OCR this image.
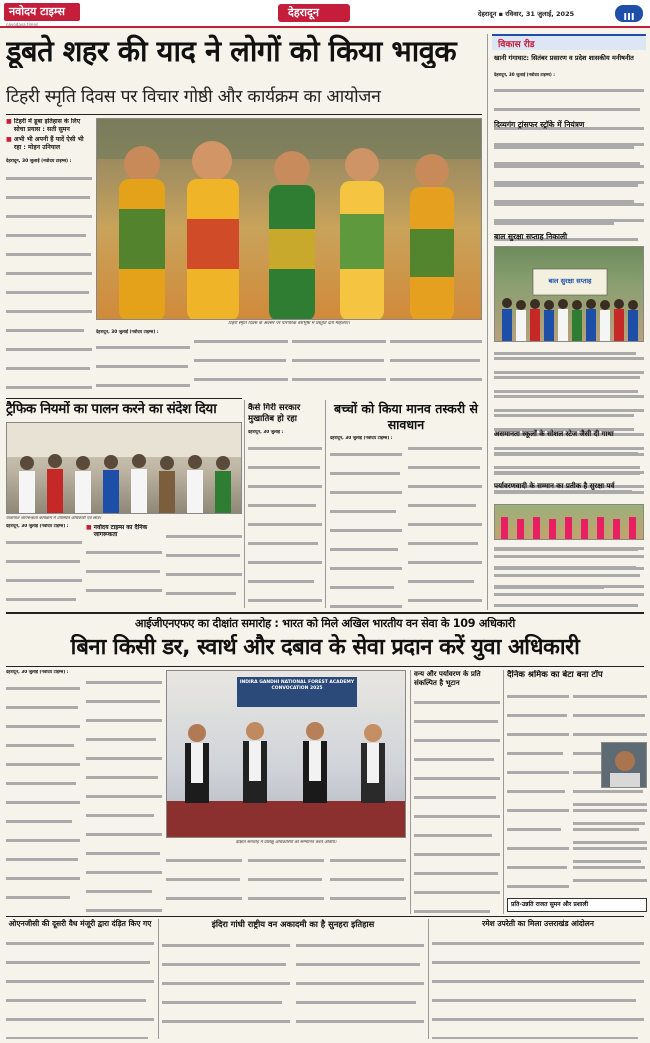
नवोदय टाइम्स
navodaya times
देहरादून	देहरादून ▪ रविवार, 31 जुलाई, 2025	III
डूबते शहर की याद ने लोगों को किया भावुक
टिहरी स्मृति दिवस पर विचार गोष्ठी और कार्यक्रम का आयोजन
■ टिहरी में डूबा इतिहास के लिए सोचा प्रयास : सती सुमन
■ अभी भी अपनी हैं यादें ऐसी भी रहा : मोहन उनियाल
देहरादून, 30 जुलाई (नवोदय टाइम्स) :
टिहरी स्मृति दिवस के अवसर पर पारंपरिक वेशभूषा में प्रस्तुति देती महिलाएं।
देहरादून, 30 जुलाई (नवोदय टाइम्स) :
ट्रैफिक नियमों का पालन करने का संदेश दिया
यातायात जागरूकता कार्यक्रम में उपस्थित अधिकारी एवं छात्र।
देहरादून, 30 जुलाई (नवोदय टाइम्स) :	■ नवोदय टाइम्स का दैनिक जागरूकता
कैसे गिरी सरकार मुखातिब हो रहा
देहरादून, 30 जुलाई :
बच्चों को किया मानव तस्करी से सावधान
देहरादून, 30 जुलाई (नवोदय टाइम्स) :
विकास रीड
खानी गंगाघाट: सितंबर प्रसारण व प्रदेश शासकीय मनीषनीत
देहरादून, 30 जुलाई (नवोदय टाइम्स) :
दिव्यगंग ट्रांसफर स्ट्रॉके में नियंत्रण
बाल सुरक्षा सप्ताह निकाली
बाल सुरक्षा सप्ताह
असमानता स्कूलों के सोशल स्टेज जैसी दी गाथा
पर्यावरणवादी के सम्मान का प्रतीक है सुरक्षा पर्व
आईजीएनएफए का दीक्षांत समारोह : भारत को मिले अखिल भारतीय वन सेवा के 109 अधिकारी
बिना किसी डर, स्वार्थ और दबाव के सेवा प्रदान करें युवा अधिकारी
देहरादून, 30 जुलाई (नवोदय टाइम्स) :
INDIRA GANDHI NATIONAL FOREST ACADEMY CONVOCATION 2025
दीक्षांत समारोह में प्रशिक्षु अधिकारियों को सम्मानित करते अतिथि।
वन्य और पर्यावरण के प्रति संकल्पित है भूटान
दैनिक श्रमिक का बेटा बना टॉप
प्रति-उन्नति राजत सुमन और प्रशाली
ओएनजीसी की दूसरी वैध मंजूरी द्वारा दंड़ित किए गए	इंदिरा गांधी राष्ट्रीय वन अकादमी का है सुनहरा इतिहास	रमेश उपरेती का मिला उत्तराखंड आंदोलन
